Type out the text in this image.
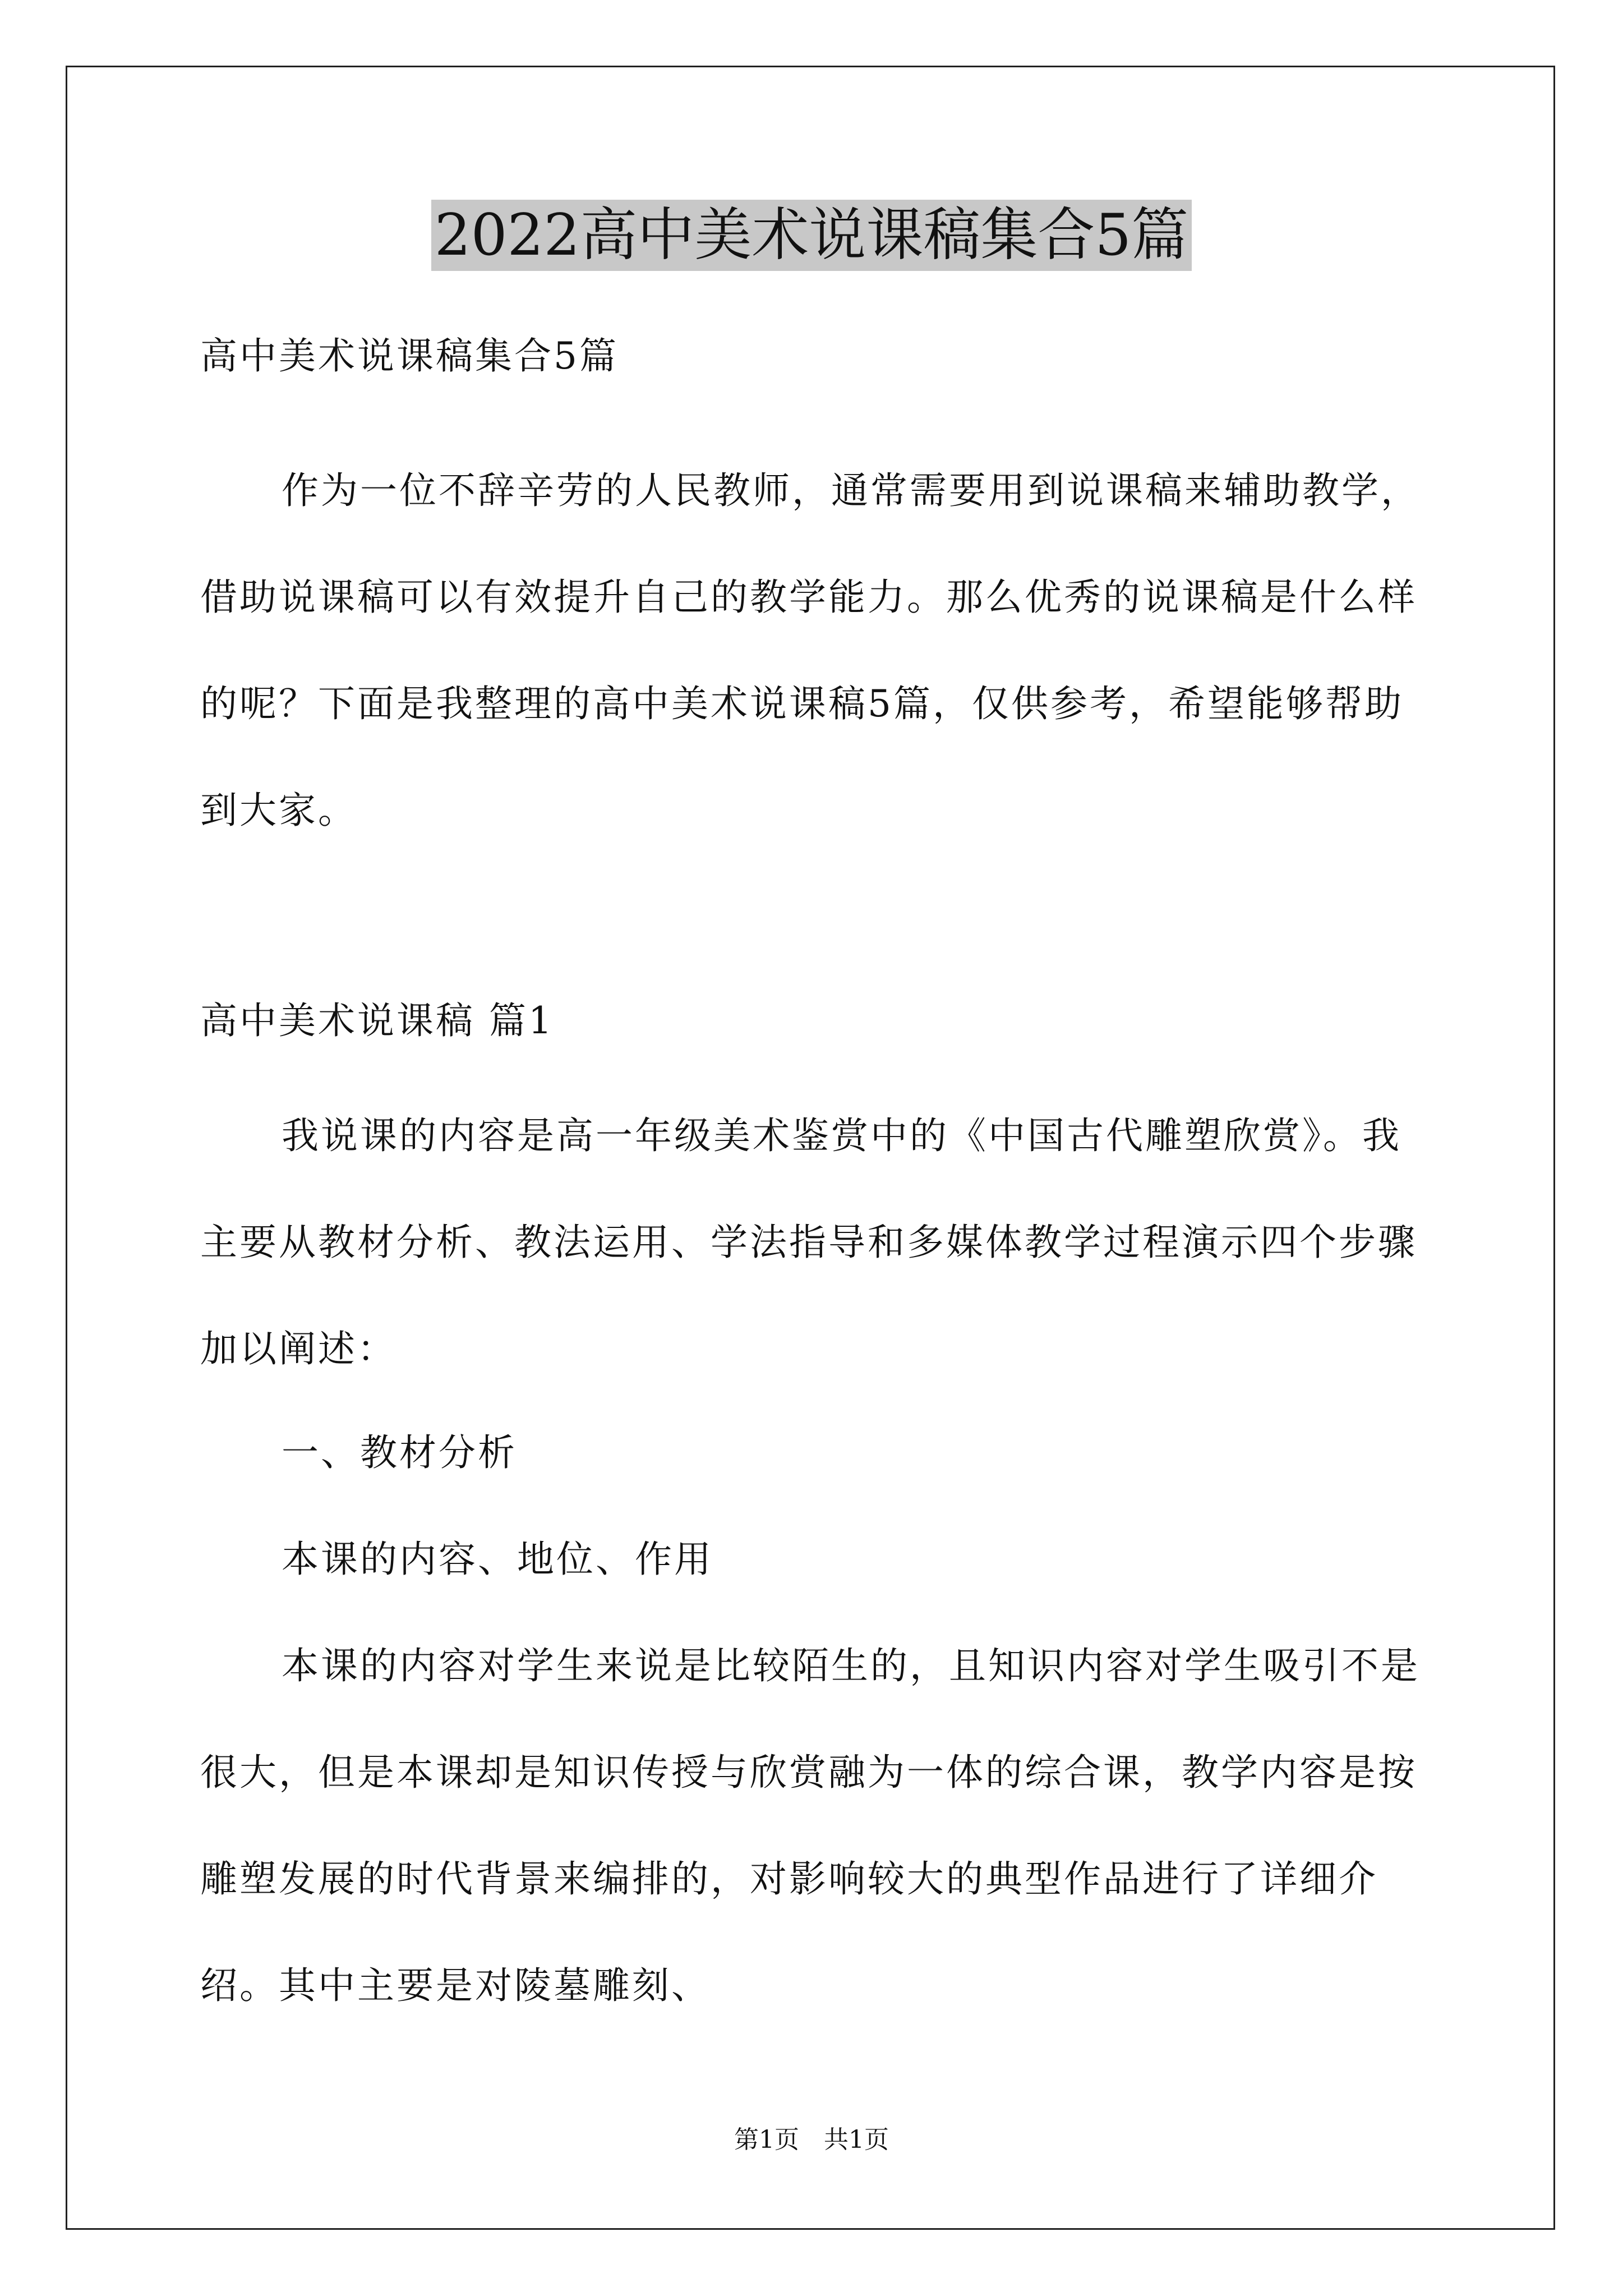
2022高中美术说课稿集合5篇

高中美术说课稿集合5篇

作为一位不辞辛劳的人民教师，通常需要用到说课稿来辅助教学，借助说课稿可以有效提升自己的教学能力。那么优秀的说课稿是什么样的呢？下面是我整理的高中美术说课稿5篇，仅供参考，希望能够帮助到大家。

高中美术说课稿 篇1

我说课的内容是高一年级美术鉴赏中的《中国古代雕塑欣赏》。我主要从教材分析、教法运用、学法指导和多媒体教学过程演示四个步骤加以阐述：

一、教材分析

本课的内容、地位、作用

本课的内容对学生来说是比较陌生的，且知识内容对学生吸引不是很大，但是本课却是知识传授与欣赏融为一体的综合课，教学内容是按雕塑发展的时代背景来编排的，对影响较大的典型作品进行了详细介绍。其中主要是对陵墓雕刻、

第1页　共1页
